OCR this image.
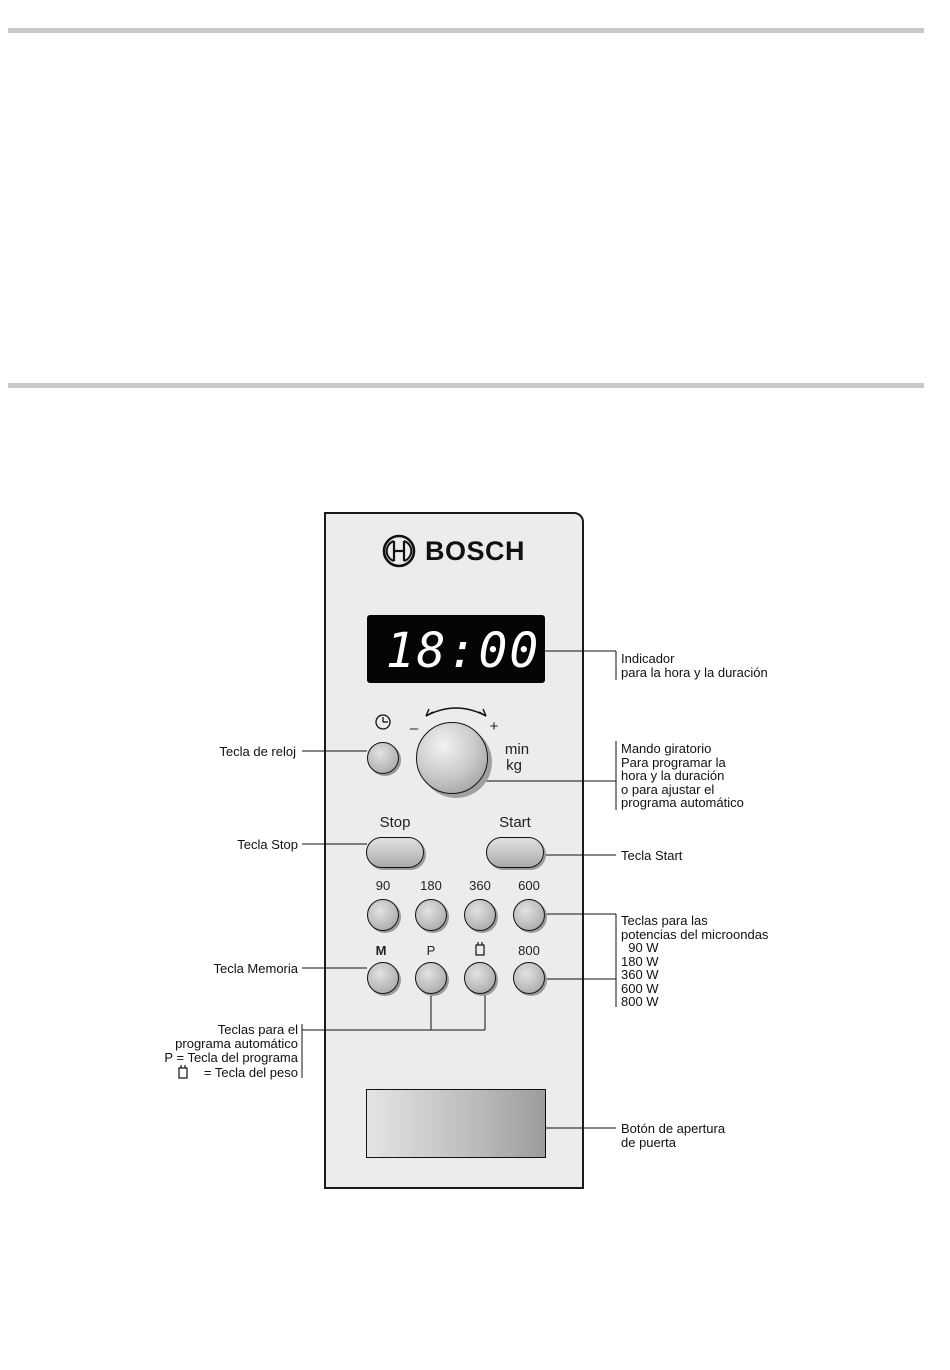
BOSCH
18:00
–	+
min
kg
Stop	Start
90	180	360	600
M	P	800
Indicador
para la hora y la duración
Tecla de reloj	Mando giratorio
Para programar la
hora y la duración
o para ajustar el
programa automático
Tecla Stop
Tecla Start
Teclas para las
potencias del microondas
90 W
180 W
360 W
600 W
800 W
Tecla Memoria
Teclas para el
programa automático
P = Tecla del programa
= Tecla del peso
Botón de apertura
de puerta
